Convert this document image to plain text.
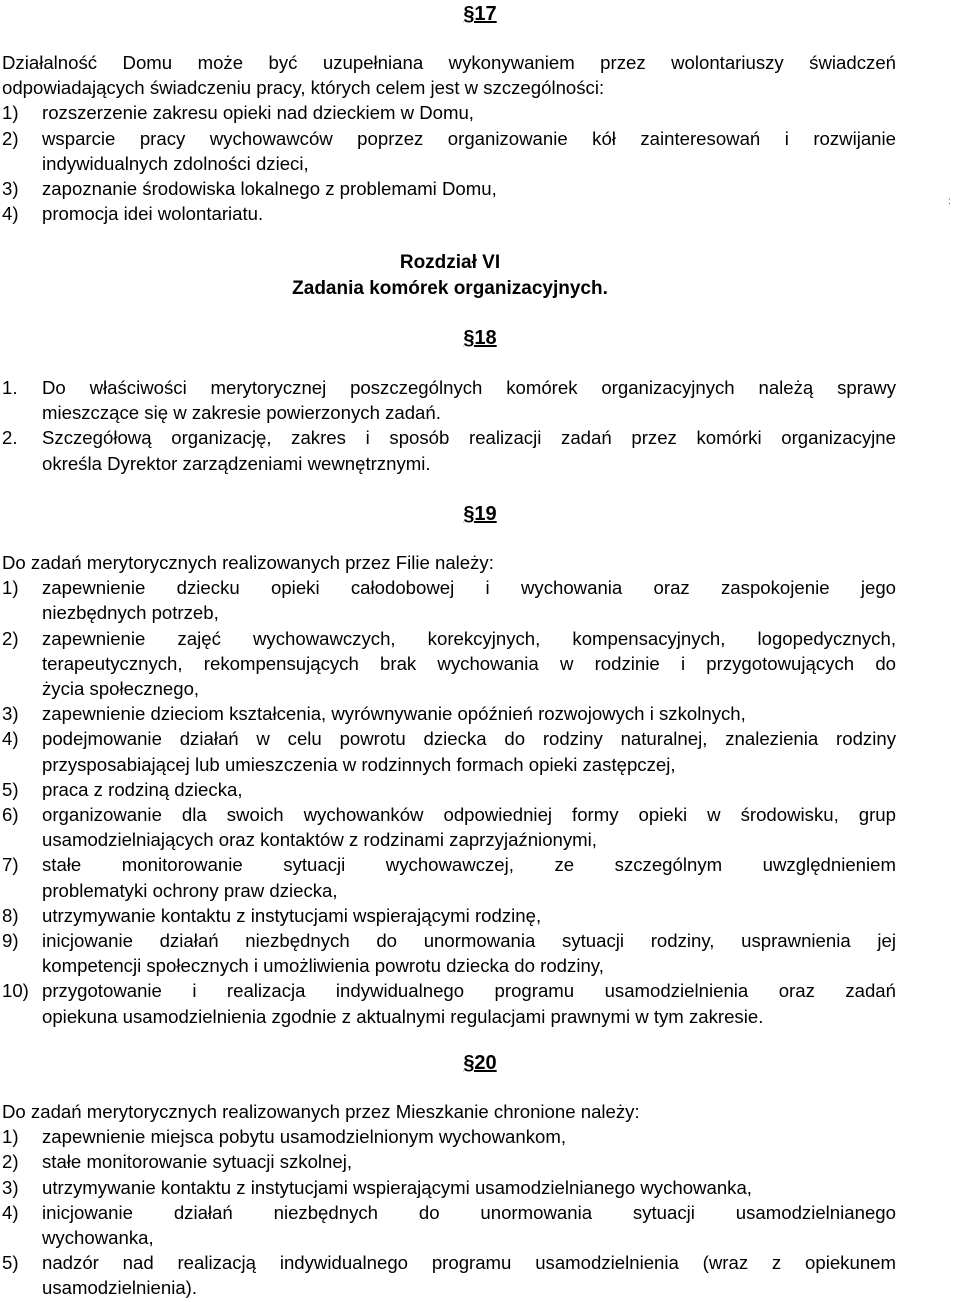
§17
Działalność Domu może być uzupełniana wykonywaniem przez wolontariuszy świadczeń
odpowiadających świadczeniu pracy, których celem jest w szczególności:
1)	rozszerzenie zakresu opieki nad dzieckiem w Domu,
2)	wsparcie pracy wychowawców poprzez organizowanie kół zainteresowań i rozwijanie
indywidualnych zdolności dzieci,
3)	zapoznanie środowiska lokalnego z problemami Domu,
4)	promocja idei wolontariatu.
:
Rozdział VI
Zadania komórek organizacyjnych.
§18
1.	Do właściwości merytorycznej poszczególnych komórek organizacyjnych należą sprawy
mieszczące się w zakresie powierzonych zadań.
2.	Szczegółową organizację, zakres i sposób realizacji zadań przez komórki organizacyjne
określa Dyrektor zarządzeniami wewnętrznymi.
§19
Do zadań merytorycznych realizowanych przez Filie należy:
1)	zapewnienie dziecku opieki całodobowej i wychowania oraz zaspokojenie jego
niezbędnych potrzeb,
2)	zapewnienie zajęć wychowawczych, korekcyjnych, kompensacyjnych, logopedycznych,
terapeutycznych, rekompensujących brak wychowania w rodzinie i przygotowujących do
życia społecznego,
3)	zapewnienie dzieciom kształcenia, wyrównywanie opóźnień rozwojowych i szkolnych,
4)	podejmowanie działań w celu powrotu dziecka do rodziny naturalnej, znalezienia rodziny
przysposabiającej lub umieszczenia w rodzinnych formach opieki zastępczej,
5)	praca z rodziną dziecka,
6)	organizowanie dla swoich wychowanków odpowiedniej formy opieki w środowisku, grup
usamodzielniających oraz kontaktów z rodzinami zaprzyjaźnionymi,
7)	stałe monitorowanie sytuacji wychowawczej, ze szczególnym uwzględnieniem
problematyki ochrony praw dziecka,
8)	utrzymywanie kontaktu z instytucjami wspierającymi rodzinę,
9)	inicjowanie działań niezbędnych do unormowania sytuacji rodziny, usprawnienia jej
kompetencji społecznych i umożliwienia powrotu dziecka do rodziny,
10) przygotowanie i realizacja indywidualnego programu usamodzielnienia oraz zadań
opiekuna usamodzielnienia zgodnie z aktualnymi regulacjami prawnymi w tym zakresie.
§20
Do zadań merytorycznych realizowanych przez Mieszkanie chronione należy:
1)	zapewnienie miejsca pobytu usamodzielnionym wychowankom,
2)	stałe monitorowanie sytuacji szkolnej,
3)	utrzymywanie kontaktu z instytucjami wspierającymi usamodzielnianego wychowanka,
4)	inicjowanie działań niezbędnych do unormowania sytuacji usamodzielnianego
wychowanka,
5)	nadzór nad realizacją indywidualnego programu usamodzielnienia (wraz z opiekunem
usamodzielnienia).
